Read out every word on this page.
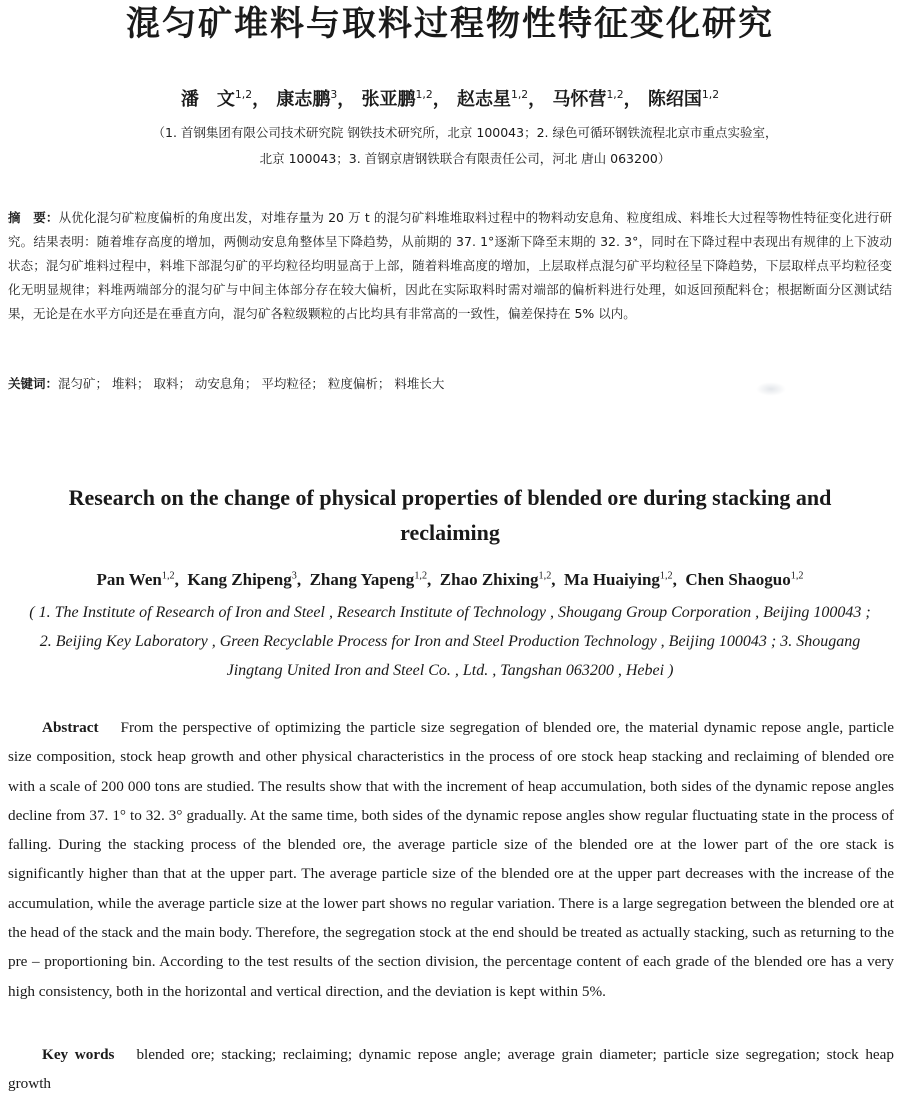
混匀矿堆料与取料过程物性特征变化研究
潘　文$^{1,2}$， 康志鹏$^3$， 张亚鹏$^{1,2}$， 赵志星$^{1,2}$， 马怀营$^{1,2}$， 陈绍国$^{1,2}$
（1. 首钢集团有限公司技术研究院 钢铁技术研究所，北京 100043；2. 绿色可循环钢铁流程北京市重点实验室，
北京 100043；3. 首钢京唐钢铁联合有限责任公司，河北 唐山 063200）
摘　要：从优化混匀矿粒度偏析的角度出发，对堆存量为 20 万 t 的混匀矿料堆堆取料过程中的物料动安息角、粒度组成、料堆长大过程等物性特征变化进行研究。结果表明：随着堆存高度的增加，两侧动安息角整体呈下降趋势，从前期的 37. 1°逐渐下降至末期的 32. 3°，同时在下降过程中表现出有规律的上下波动状态；混匀矿堆料过程中，料堆下部混匀矿的平均粒径均明显高于上部，随着料堆高度的增加，上层取样点混匀矿平均粒径呈下降趋势，下层取样点平均粒径变化无明显规律；料堆两端部分的混匀矿与中间主体部分存在较大偏析，因此在实际取料时需对端部的偏析料进行处理，如返回预配料仓；根据断面分区测试结果，无论是在水平方向还是在垂直方向，混匀矿各粒级颗粒的占比均具有非常高的一致性，偏差保持在 5% 以内。
关键词：混匀矿； 堆料； 取料； 动安息角； 平均粒径； 粒度偏析； 料堆长大
Research on the change of physical properties of blended ore during stacking and reclaiming
Pan Wen$^{1,2}$,  Kang Zhipeng$^3$,  Zhang Yapeng$^{1,2}$,  Zhao Zhixing$^{1,2}$,  Ma Huaiying$^{1,2}$,  Chen Shaoguo$^{1,2}$
( 1. The Institute of Research of Iron and Steel , Research Institute of Technology , Shougang Group Corporation , Beijing 100043 ;
2. Beijing Key Laboratory , Green Recyclable Process for Iron and Steel Production Technology , Beijing 100043 ; 3. Shougang
Jingtang United Iron and Steel Co. , Ltd. , Tangshan 063200 , Hebei )
Abstract From the perspective of optimizing the particle size segregation of blended ore, the material dynamic repose angle, particle size composition, stock heap growth and other physical characteristics in the process of ore stock heap stacking and reclaiming of blended ore with a scale of 200 000 tons are studied. The results show that with the increment of heap accumulation, both sides of the dynamic repose angles decline from 37. 1° to 32. 3° gradually. At the same time, both sides of the dynamic repose angles show regular fluctuating state in the process of falling. During the stacking process of the blended ore, the average particle size of the blended ore at the lower part of the ore stack is significantly higher than that at the upper part. The average particle size of the blended ore at the upper part decreases with the increase of the accumulation, while the average particle size at the lower part shows no regular variation. There is a large segregation between the blended ore at the head of the stack and the main body. Therefore, the segregation stock at the end should be treated as actually stacking, such as returning to the pre – proportioning bin. According to the test results of the section division, the percentage content of each grade of the blended ore has a very high consistency, both in the horizontal and vertical direction, and the deviation is kept within 5%.
Key words blended ore; stacking; reclaiming; dynamic repose angle; average grain diameter; particle size segregation; stock heap growth
